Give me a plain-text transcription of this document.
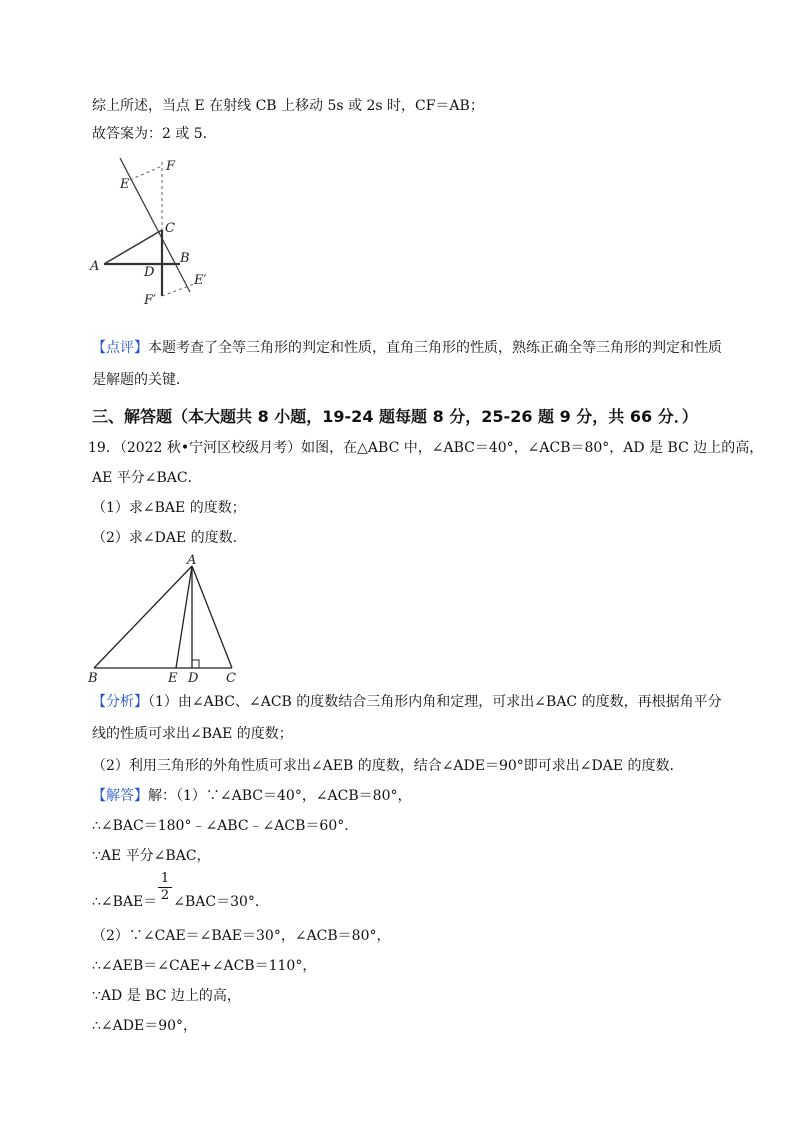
综上所述，当点 E 在射线 CB 上移动 5s 或 2s 时，CF＝AB；
故答案为：2 或 5．
E
F
C
B
A	D
E′
F′
【点评】本题考查了全等三角形的判定和性质，直角三角形的性质，熟练正确全等三角形的判定和性质
是解题的关键．
三、解答题（本大题共 8 小题，19-24 题每题 8 分，25-26 题 9 分，共 66 分．）
19．（2022 秋•宁河区校级月考）如图，在△ABC 中，∠ABC＝40°，∠ACB＝80°，AD 是 BC 边上的高，
AE 平分∠BAC．
（1）求∠BAE 的度数；
（2）求∠DAE 的度数．
A
B	E D C
【分析】（1）由∠ABC、∠ACB 的度数结合三角形内角和定理，可求出∠BAC 的度数，再根据角平分
线的性质可求出∠BAE 的度数；
（2）利用三角形的外角性质可求出∠AEB 的度数，结合∠ADE＝90°即可求出∠DAE 的度数．
【解答】解：（1）∵∠ABC＝40°，∠ACB＝80°，
∴∠BAC＝180°﹣∠ABC﹣∠ACB＝60°．
∵AE 平分∠BAC，
∴∠BAE＝ ∠BAC＝30°．
1
2
（2）∵∠CAE＝∠BAE＝30°，∠ACB＝80°，
∴∠AEB＝∠CAE+∠ACB＝110°，
∵AD 是 BC 边上的高，
∴∠ADE＝90°，
